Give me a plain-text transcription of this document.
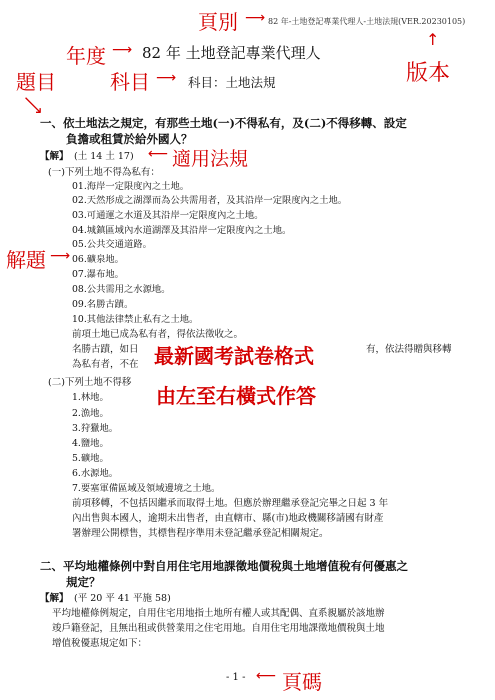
82 年-土地登記專業代理人-土地法規(VER.20230105)
頁別 ⟶
↑
版本
年度 ⟶ 82 年 土地登記專業代理人
題目
⟶
科目 ⟶ 科目：土地法規
一、依土地法之規定，有那些土地(一)不得私有，及(二)不得移轉、設定
負擔或租賃於給外國人？
【解】 (土 14 土 17) ⟵ 適用法規
(一)下列土地不得為私有：
01.海岸一定限度內之土地。
02.天然形成之湖澤而為公共需用者，及其沿岸一定限度內之土地。
03.可通運之水道及其沿岸一定限度內之土地。
04.城鎮區域內水道湖澤及其沿岸一定限度內之土地。
05.公共交通道路。
解題 ⟶ 06.礦泉地。
07.瀑布地。
08.公共需用之水源地。
09.名勝古蹟。
10.其他法律禁止私有之土地。
前項土地已成為私有者，得依法徵收之。
名勝古蹟，如日	有，依法得贈與移轉
為私有者，不在 最新國考試卷格式
由左至右橫式作答
(二)下列土地不得移
1.林地。
2.漁地。
3.狩獵地。
4.鹽地。
5.礦地。
6.水源地。
7.要塞軍備區域及領域邊境之土地。
前項移轉，不包括因繼承而取得土地。但應於辦理繼承登記完畢之日起 3 年
內出售與本國人，逾期未出售者，由直轄市、縣(市)地政機關移請國有財產
署辦理公開標售，其標售程序準用未登記繼承登記相關規定。
二、平均地權條例中對自用住宅用地課徵地價稅與土地增值稅有何優惠之
規定？
【解】 (平 20 平 41 平施 58)
平均地權條例規定，自用住宅用地指土地所有權人或其配偶、直系親屬於該地辦
竣戶籍登記，且無出租或供營業用之住宅用地。自用住宅用地課徵地價稅與土地
增值稅優惠規定如下：
- 1 - ⟵ 頁碼
